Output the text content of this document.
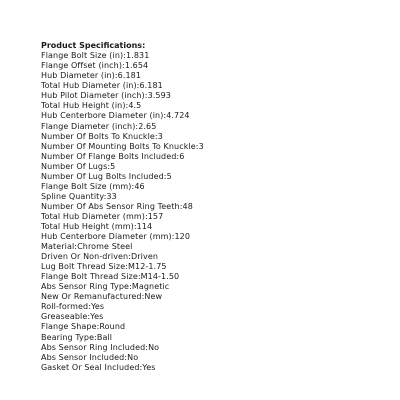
Product Specifications:

Flange Bolt Size (in):1.831
Flange Offset (inch):1.654
Hub Diameter (in):6.181
Total Hub Diameter (in):6.181
Hub Pilot Diameter (inch):3.593
Total Hub Height (in):4.5
Hub Centerbore Diameter (in):4.724
Flange Diameter (inch):2.65
Number Of Bolts To Knuckle:3
Number Of Mounting Bolts To Knuckle:3
Number Of Flange Bolts Included:6
Number Of Lugs:5
Number Of Lug Bolts Included:5
Flange Bolt Size (mm):46
Spline Quantity:33
Number Of Abs Sensor Ring Teeth:48
Total Hub Diameter (mm):157
Total Hub Height (mm):114
Hub Centerbore Diameter (mm):120
Material:Chrome Steel
Driven Or Non-driven:Driven
Lug Bolt Thread Size:M12-1.75
Flange Bolt Thread Size:M14-1.50
Abs Sensor Ring Type:Magnetic
New Or Remanufactured:New
Roll-formed:Yes
Greaseable:Yes
Flange Shape:Round
Bearing Type:Ball
Abs Sensor Ring Included:No
Abs Sensor Included:No
Gasket Or Seal Included:Yes
